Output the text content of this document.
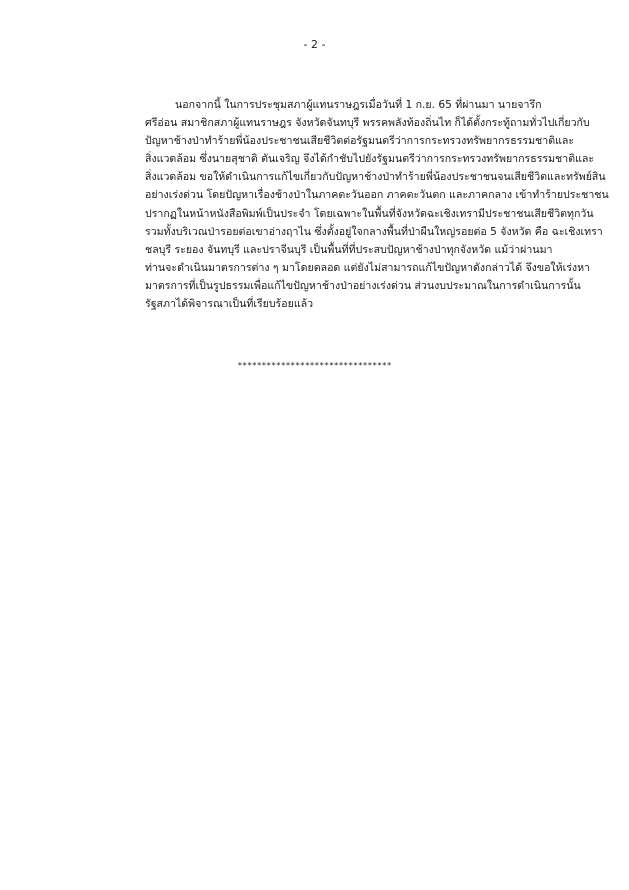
- 2 -
นอกจากนี้ ในการประชุมสภาผู้แทนราษฎรเมื่อวันที่ 1 ก.ย. 65 ที่ผ่านมา นายจารึก
ศรีอ่อน สมาชิกสภาผู้แทนราษฎร จังหวัดจันทบุรี พรรคพลังท้องถิ่นไท ก็ได้ตั้งกระทู้ถามทั่วไปเกี่ยวกับ
ปัญหาช้างป่าทำร้ายพี่น้องประชาชนเสียชีวิตต่อรัฐมนตรีว่าการกระทรวงทรัพยากรธรรมชาติและ
สิ่งแวดล้อม ซึ่งนายสุชาติ ตันเจริญ จึงได้กำชับไปยังรัฐมนตรีว่าการกระทรวงทรัพยากรธรรมชาติและ
สิ่งแวดล้อม ขอให้ดำเนินการแก้ไขเกี่ยวกับปัญหาช้างป่าทำร้ายพี่น้องประชาชนจนเสียชีวิตและทรัพย์สิน
อย่างเร่งด่วน โดยปัญหาเรื่องช้างป่าในภาคตะวันออก ภาคตะวันตก และภาคกลาง เข้าทำร้ายประชาชน
ปรากฏในหน้าหนังสือพิมพ์เป็นประจำ โดยเฉพาะในพื้นที่จังหวัดฉะเชิงเทรามีประชาชนเสียชีวิตทุกวัน
รวมทั้งบริเวณป่ารอยต่อเขาอ่างฤาไน ซึ่งตั้งอยู่ใจกลางพื้นที่ป่าผืนใหญ่รอยต่อ 5 จังหวัด คือ ฉะเชิงเทรา
ชลบุรี ระยอง จันทบุรี และปราจีนบุรี เป็นพื้นที่ที่ประสบปัญหาช้างป่าทุกจังหวัด แม้ว่าผ่านมา
ท่านจะดำเนินมาตรการต่าง ๆ มาโดยตลอด แต่ยังไม่สามารถแก้ไขปัญหาดังกล่าวได้ จึงขอให้เร่งหา
มาตรการที่เป็นรูปธรรมเพื่อแก้ไขปัญหาช้างป่าอย่างเร่งด่วน ส่วนงบประมาณในการดำเนินการนั้น
รัฐสภาได้พิจารณาเป็นที่เรียบร้อยแล้ว
********************************
